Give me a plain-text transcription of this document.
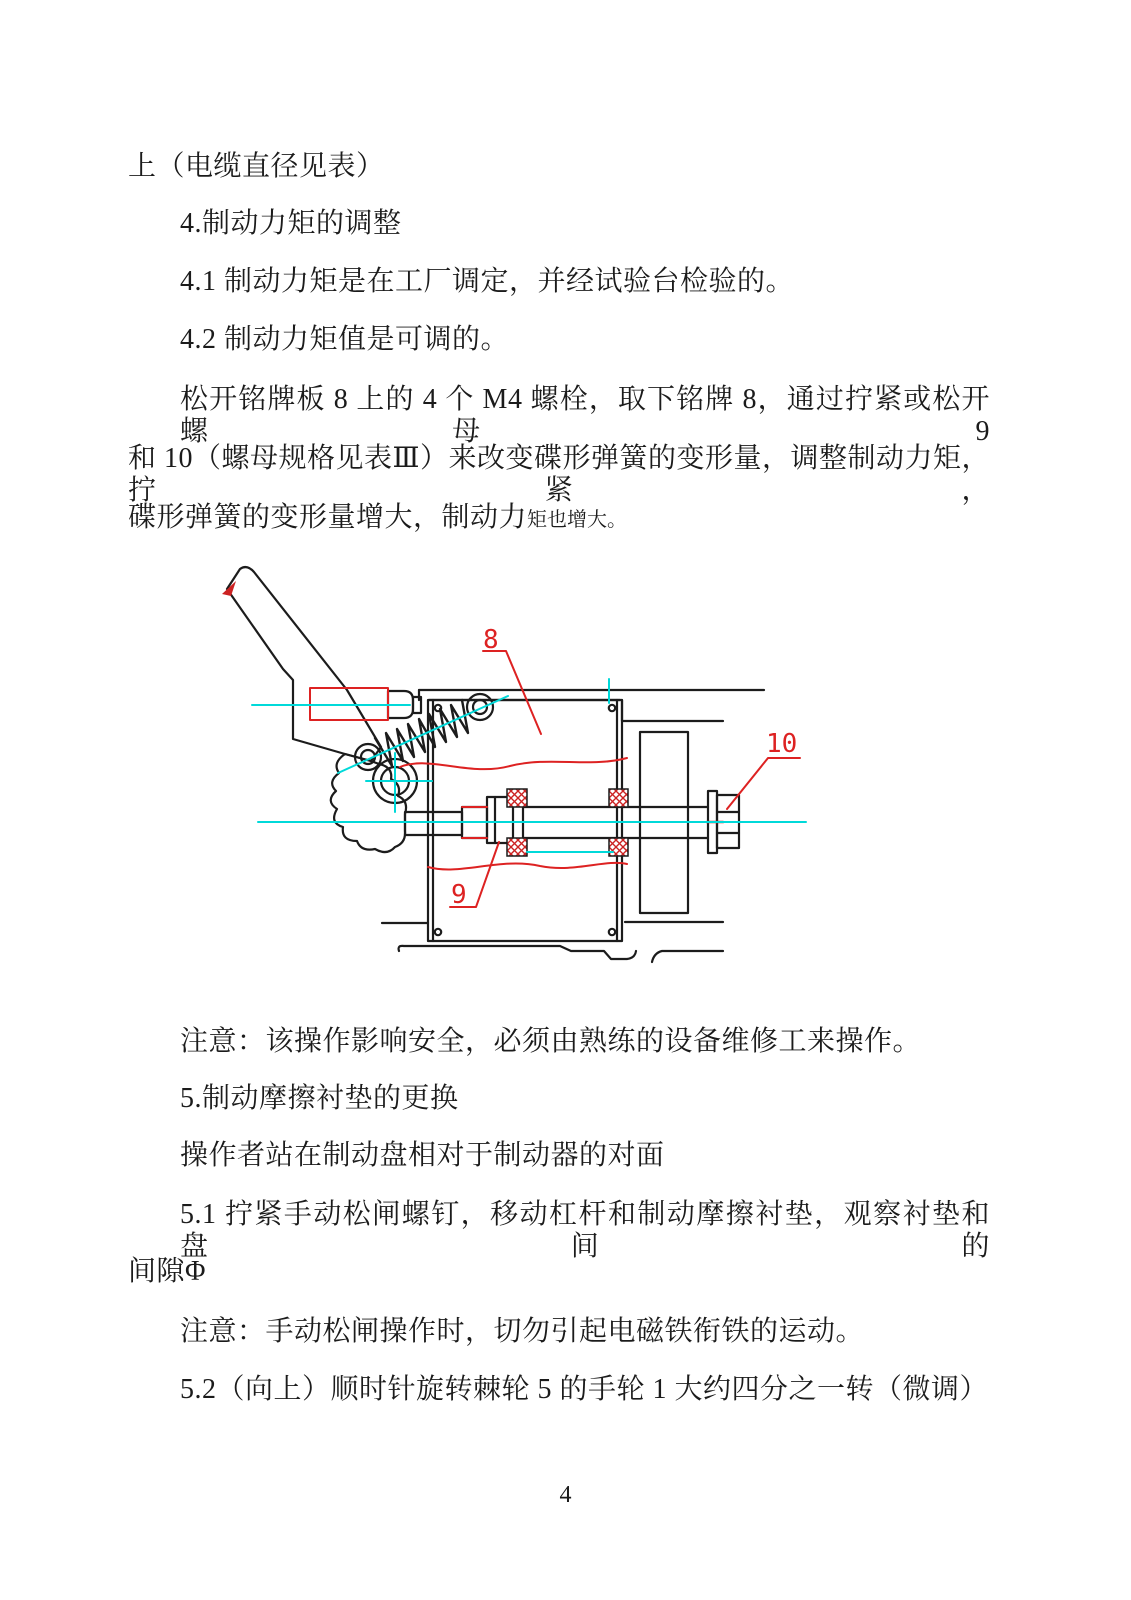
上（电缆直径见表）
4.制动力矩的调整
4.1 制动力矩是在工厂调定，并经试验台检验的。
4.2 制动力矩值是可调的。
松开铭牌板 8 上的 4 个 M4 螺栓，取下铭牌 8，通过拧紧或松开螺母 9
和 10（螺母规格见表Ⅲ）来改变碟形弹簧的变形量，调整制动力矩，拧紧，
碟形弹簧的变形量增大，制动力矩也增大。
8
9
10
注意：该操作影响安全，必须由熟练的设备维修工来操作。
5.制动摩擦衬垫的更换
操作者站在制动盘相对于制动器的对面
5.1 拧紧手动松闸螺钉，移动杠杆和制动摩擦衬垫，观察衬垫和盘间的
间隙Φ
注意：手动松闸操作时，切勿引起电磁铁衔铁的运动。
5.2（向上）顺时针旋转棘轮 5 的手轮 1 大约四分之一转（微调）
4
